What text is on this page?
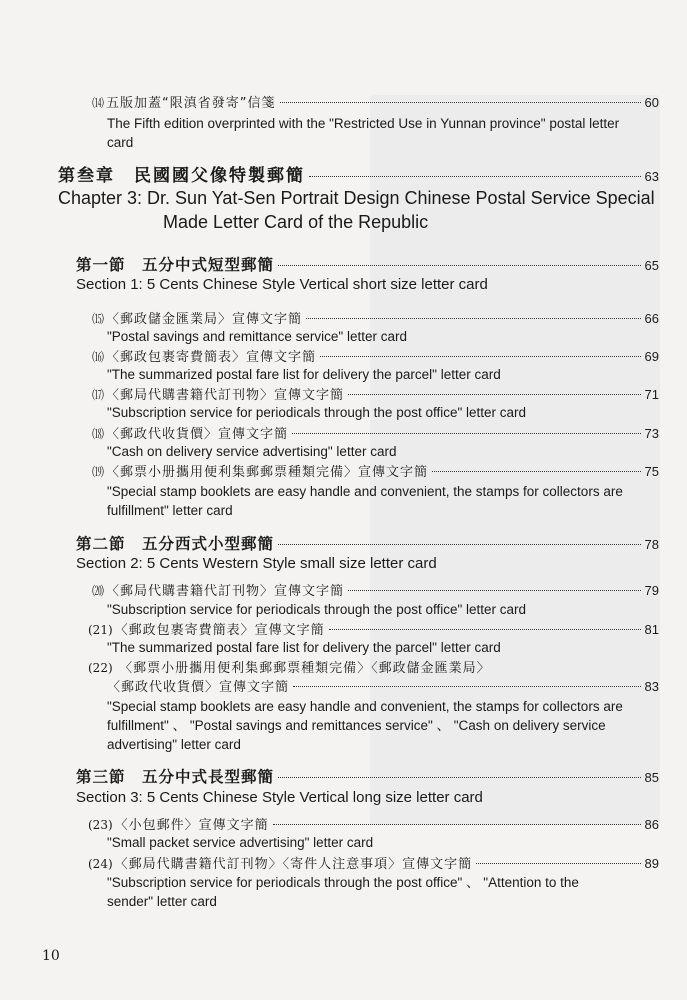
⒁ 五版加蓋“限滇省發寄”信箋	60
The Fifth edition overprinted with the "Restricted Use in Yunnan province" postal letter
card
第叁章　民國國父像特製郵簡	63
Chapter 3: Dr. Sun Yat-Sen Portrait Design Chinese Postal Service Special
Made Letter Card of the Republic
第一節　五分中式短型郵簡	65
Section 1: 5 Cents Chinese Style Vertical short size letter card
⒂ 〈郵政儲金匯業局〉宣傳文字簡	66
"Postal savings and remittance service" letter card
⒃ 〈郵政包裹寄費簡表〉宣傳文字簡	69
"The summarized postal fare list for delivery the parcel" letter card
⒄ 〈郵局代購書籍代訂刊物〉宣傳文字簡	71
"Subscription service for periodicals through the post office" letter card
⒅ 〈郵政代收貨價〉宣傳文字簡	73
"Cash on delivery service advertising" letter card
⒆ 〈郵票小册攜用便利集郵郵票種類完備〉宣傳文字簡	75
"Special stamp booklets are easy handle and convenient, the stamps for collectors are
fulfillment" letter card
第二節　五分西式小型郵簡	78
Section 2: 5 Cents Western Style small size letter card
⒇ 〈郵局代購書籍代訂刊物〉宣傳文字簡	79
"Subscription service for periodicals through the post office" letter card
(21) 〈郵政包裹寄費簡表〉宣傳文字簡	81
"The summarized postal fare list for delivery the parcel" letter card
(22) 〈郵票小册攜用便利集郵郵票種類完備〉〈郵政儲金匯業局〉
〈郵政代收貨價〉宣傳文字簡	83
"Special stamp booklets are easy handle and convenient, the stamps for collectors are
fulfillment" 、 "Postal savings and remittances service" 、 "Cash on delivery service
advertising" letter card
第三節　五分中式長型郵簡	85
Section 3: 5 Cents Chinese Style Vertical long size letter card
(23) 〈小包郵件〉宣傳文字簡	86
"Small packet service advertising" letter card
(24) 〈郵局代購書籍代訂刊物〉〈寄件人注意事項〉宣傳文字簡	89
"Subscription service for periodicals through the post office" 、 "Attention to the
sender" letter card
10
